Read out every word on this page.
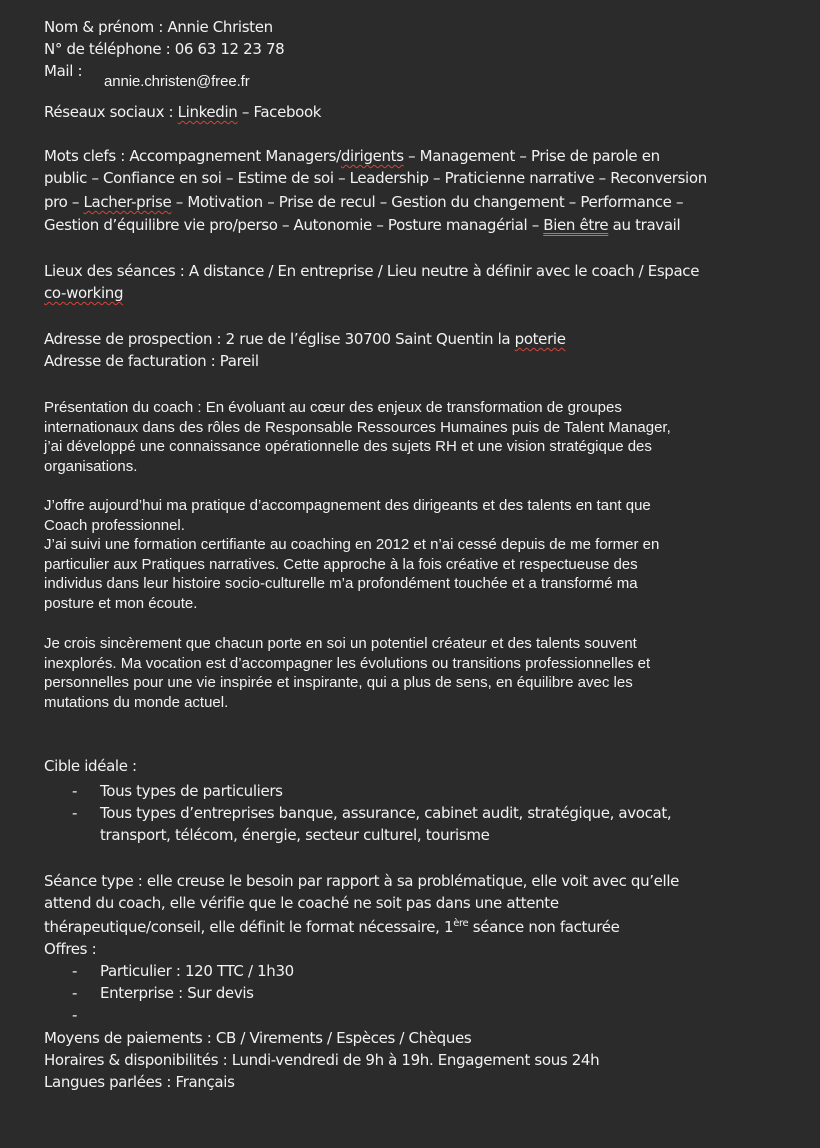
Nom & prénom : Annie Christen
N° de téléphone : 06 63 12 23 78
Mail :
annie.christen@free.fr
Réseaux sociaux : Linkedin – Facebook
Mots clefs : Accompagnement Managers/dirigents – Management – Prise de parole en
public – Confiance en soi – Estime de soi – Leadership – Praticienne narrative – Reconversion
pro – Lacher-prise – Motivation – Prise de recul – Gestion du changement – Performance –
Gestion d’équilibre vie pro/perso – Autonomie – Posture managérial – Bien être au travail
Lieux des séances : A distance / En entreprise / Lieu neutre à définir avec le coach / Espace
co-working
Adresse de prospection : 2 rue de l’église 30700 Saint Quentin la poterie
Adresse de facturation : Pareil
Présentation du coach : En évoluant au cœur des enjeux de transformation de groupes
internationaux dans des rôles de Responsable Ressources Humaines puis de Talent Manager,
j’ai développé une connaissance opérationnelle des sujets RH et une vision stratégique des
organisations.
J’offre aujourd’hui ma pratique d’accompagnement des dirigeants et des talents en tant que
Coach professionnel.
J’ai suivi une formation certifiante au coaching en 2012 et n’ai cessé depuis de me former en
particulier aux Pratiques narratives. Cette approche à la fois créative et respectueuse des
individus dans leur histoire socio-culturelle m’a profondément touchée et a transformé ma
posture et mon écoute.
Je crois sincèrement que chacun porte en soi un potentiel créateur et des talents souvent
inexplorés. Ma vocation est d’accompagner les évolutions ou transitions professionnelles et
personnelles pour une vie inspirée et inspirante, qui a plus de sens, en équilibre avec les
mutations du monde actuel.
Cible idéale :
- Tous types de particuliers
- Tous types d’entreprises banque, assurance, cabinet audit, stratégique, avocat,
transport, télécom, énergie, secteur culturel, tourisme
Séance type : elle creuse le besoin par rapport à sa problématique, elle voit avec qu’elle
attend du coach, elle vérifie que le coaché ne soit pas dans une attente
thérapeutique/conseil, elle définit le format nécessaire, 1ère séance non facturée
Offres :
- Particulier : 120 TTC / 1h30
- Enterprise : Sur devis
-
Moyens de paiements : CB / Virements / Espèces / Chèques
Horaires & disponibilités : Lundi-vendredi de 9h à 19h. Engagement sous 24h
Langues parlées : Français
